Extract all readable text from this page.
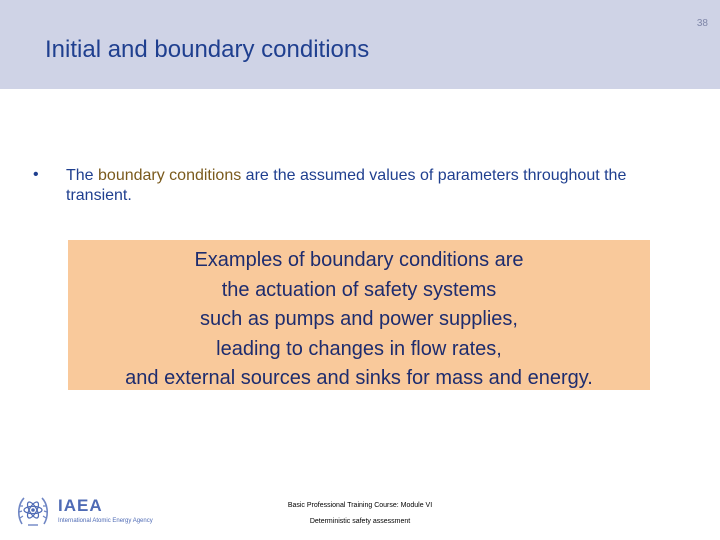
38
Initial and boundary conditions
• The boundary conditions are the assumed values of parameters throughout the transient.
Examples of boundary conditions are
the actuation of safety systems
such as pumps and power supplies,
leading to changes in flow rates,
and external sources and sinks for mass and energy.
IAEA
International Atomic Energy Agency
Basic Professional Training Course: Module VI
Deterministic safety assessment
